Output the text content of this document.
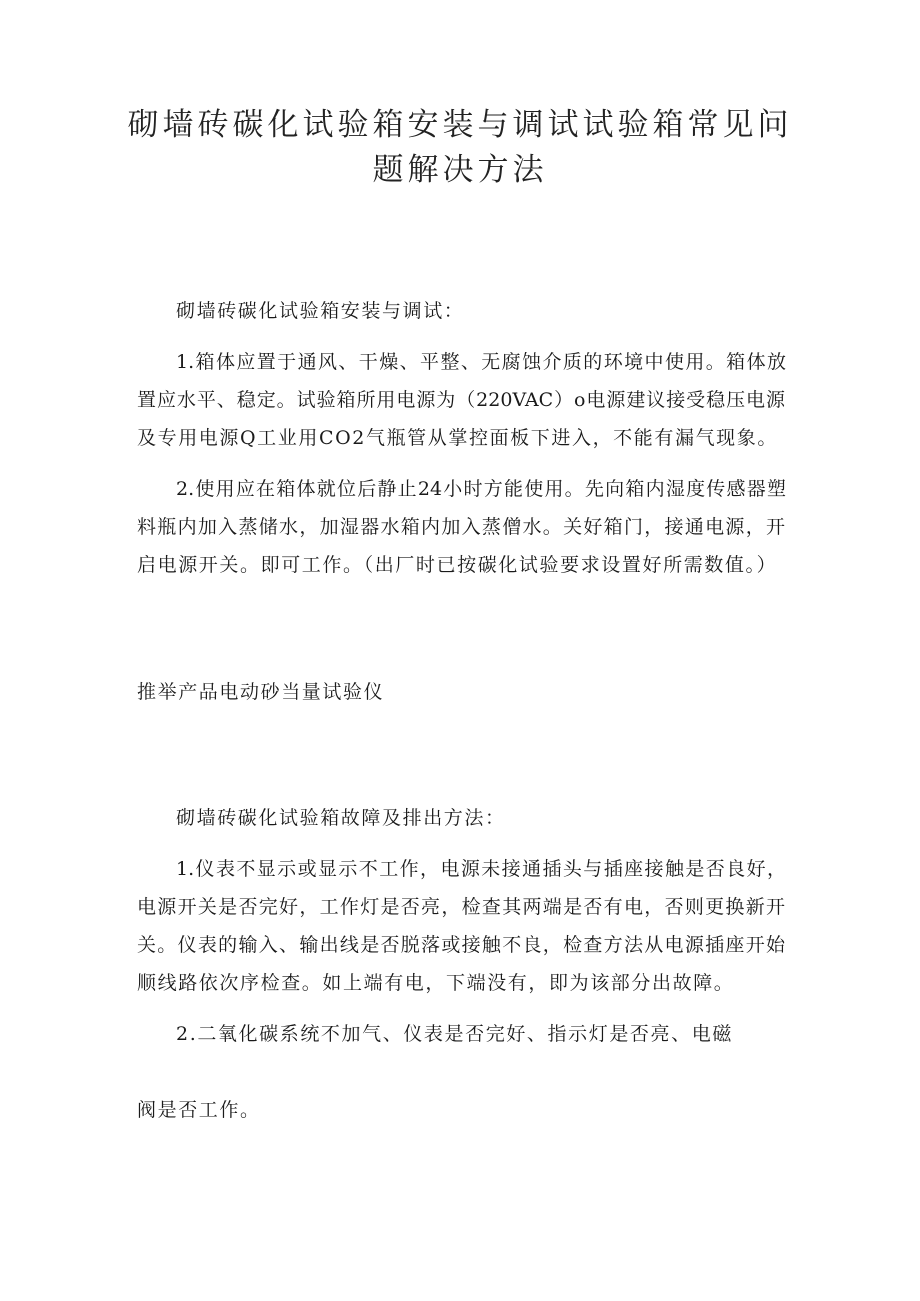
砌墙砖碳化试验箱安装与调试试验箱常见问
题解决方法
砌墙砖碳化试验箱安装与调试：
1.箱体应置于通风、干燥、平整、无腐蚀介质的环境中使用。箱体放
置应水平、稳定。试验箱所用电源为（220VAC）o电源建议接受稳压电源
及专用电源Q工业用CO2气瓶管从掌控面板下进入，不能有漏气现象。
2.使用应在箱体就位后静止24小时方能使用。先向箱内湿度传感器塑
料瓶内加入蒸储水，加湿器水箱内加入蒸僧水。关好箱门，接通电源，开
启电源开关。即可工作。（出厂时已按碳化试验要求设置好所需数值。）
推举产品电动砂当量试验仪
砌墙砖碳化试验箱故障及排出方法：
1.仪表不显示或显示不工作，电源未接通插头与插座接触是否良好，
电源开关是否完好，工作灯是否亮，检查其两端是否有电，否则更换新开
关。仪表的输入、输出线是否脱落或接触不良，检查方法从电源插座开始
顺线路依次序检查。如上端有电，下端没有，即为该部分出故障。
2.二氧化碳系统不加气、仪表是否完好、指示灯是否亮、电磁
阀是否工作。
